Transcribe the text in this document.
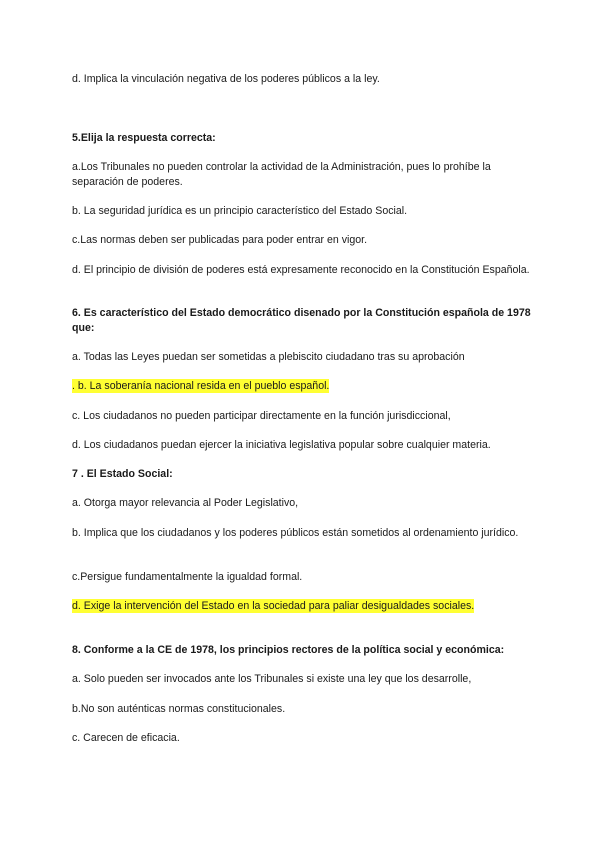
d. Implica la vinculación negativa de los poderes públicos a la ley.
5.Elija la respuesta correcta:
a.Los Tribunales no pueden controlar la actividad de la Administración, pues lo prohíbe la separación de poderes.
b. La seguridad jurídica es un principio característico del Estado Social.
c.Las normas deben ser publicadas para poder entrar en vigor.
d. El principio de división de poderes está expresamente reconocido en la Constitución Española.
6. Es característico del Estado democrático disenado por la Constitución española de 1978 que:
a. Todas las Leyes puedan ser sometidas a plebiscito ciudadano tras su aprobación
. b. La soberanía nacional resida en el pueblo español.
c. Los ciudadanos no pueden participar directamente en la función jurisdiccional,
d. Los ciudadanos puedan ejercer la iniciativa legislativa popular sobre cualquier materia.
7 . El Estado Social:
a. Otorga mayor relevancia al Poder Legislativo,
b. Implica que los ciudadanos y los poderes públicos están sometidos al ordenamiento jurídico.
c.Persigue fundamentalmente la igualdad formal.
d. Exige la intervención del Estado en la sociedad para paliar desigualdades sociales.
8. Conforme a la CE de 1978, los principios rectores de la política social y económica:
a. Solo pueden ser invocados ante los Tribunales si existe una ley que los desarrolle,
b.No son auténticas normas constitucionales.
c. Carecen de eficacia.
